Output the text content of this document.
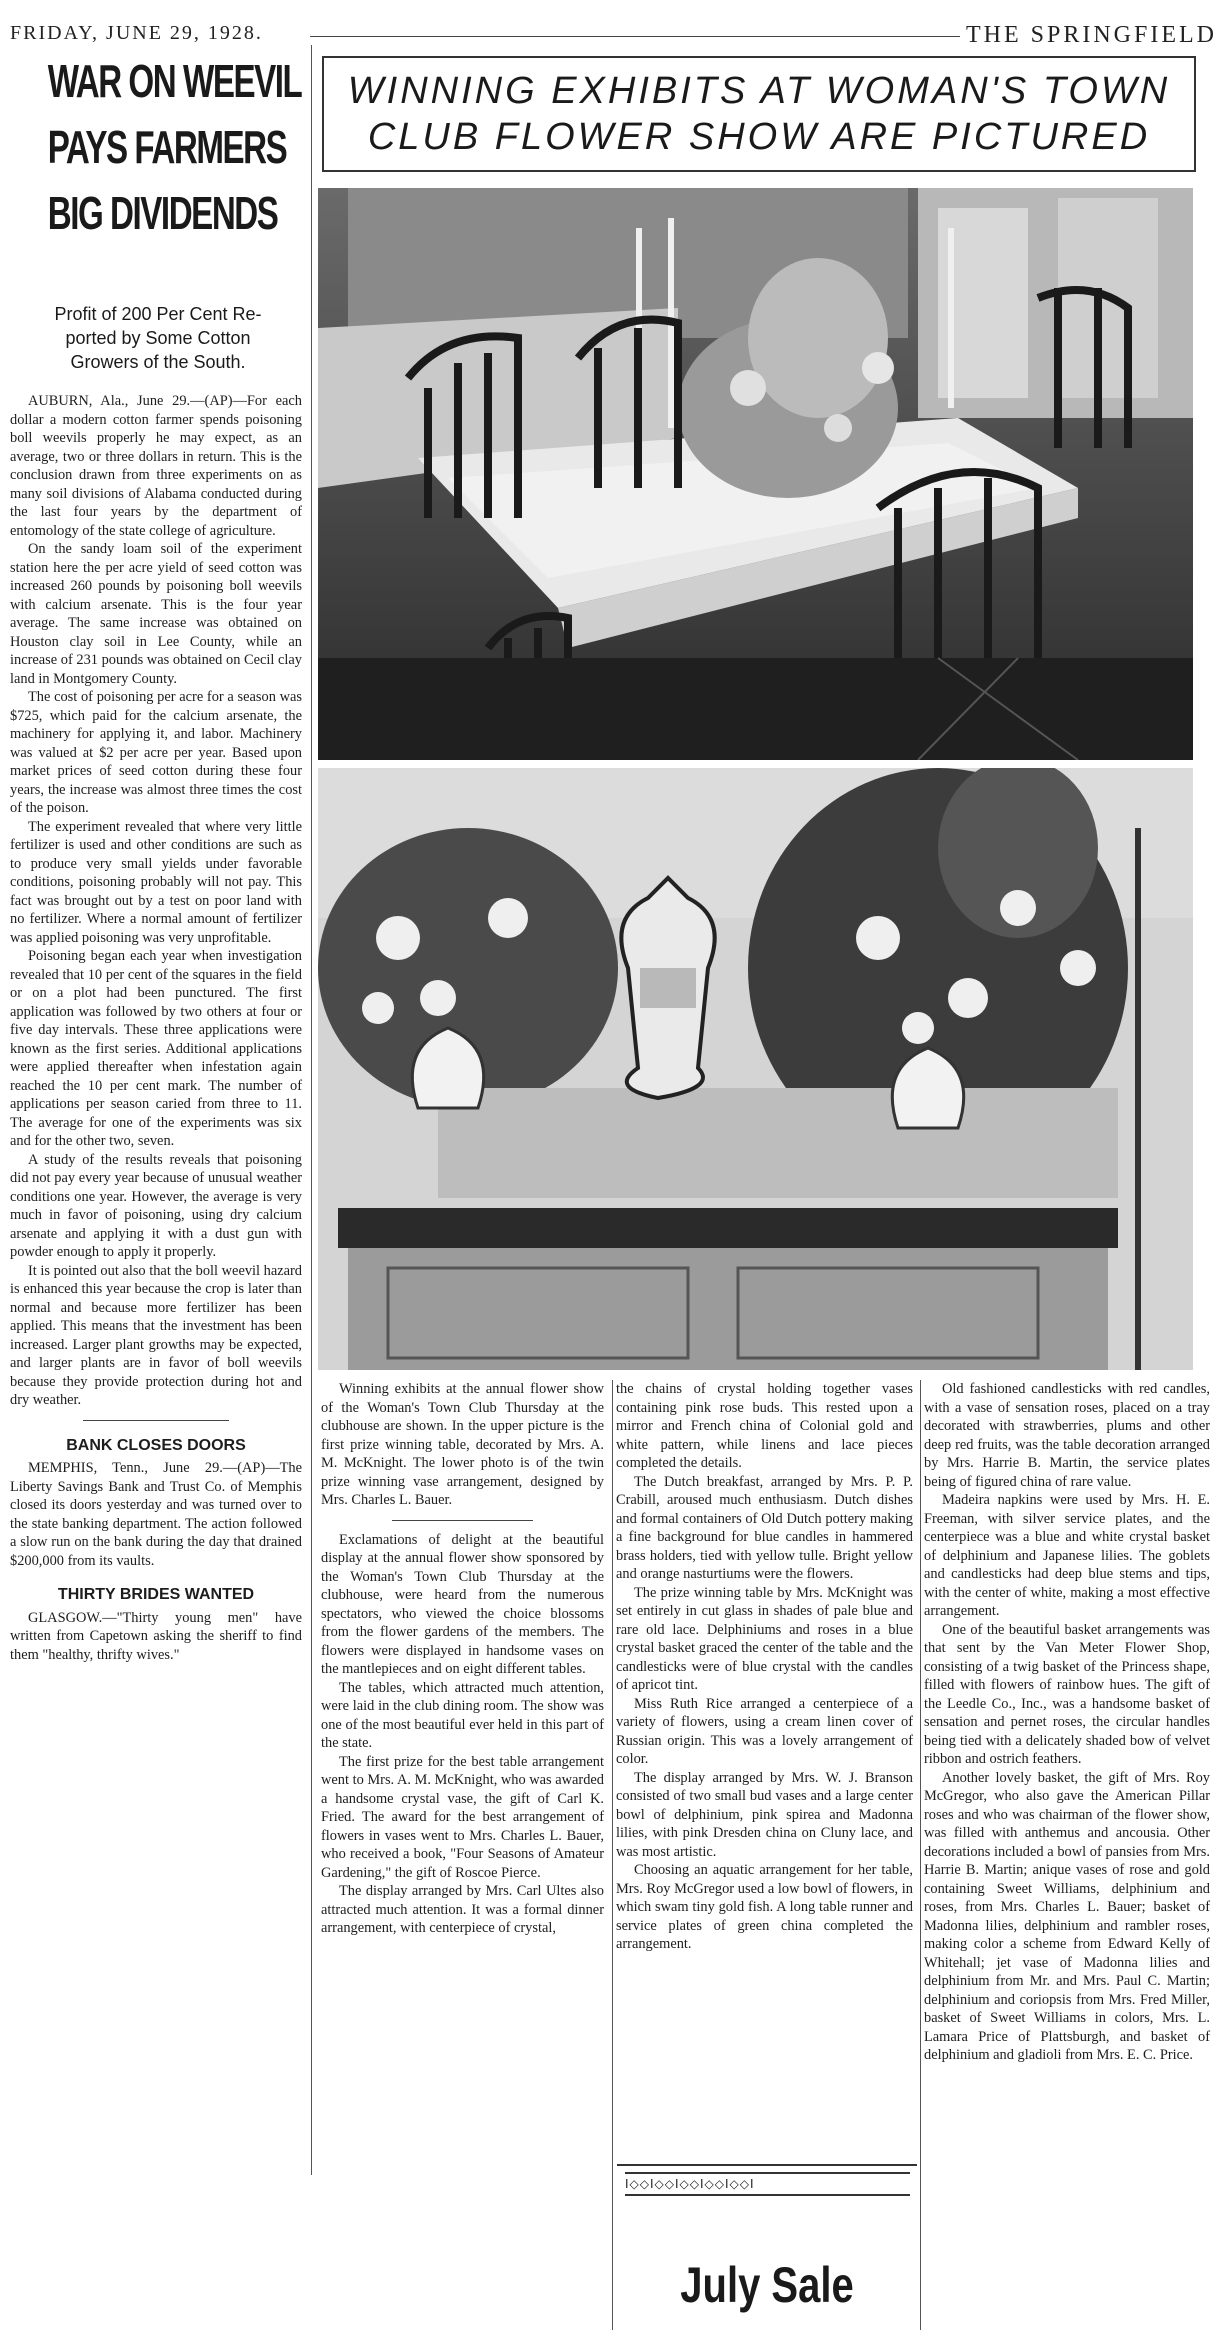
FRIDAY, JUNE 29, 1928.	THE SPRINGFIELD
WAR ON WEEVIL
PAYS FARMERS
BIG DIVIDENDS
Profit of 200 Per Cent Re-
ported by Some Cotton
Growers of the South.

AUBURN, Ala., June 29.—(AP)—For each dollar a modern cotton farmer spends poisoning boll weevils properly he may expect, as an average, two or three dollars in return. This is the conclusion drawn from three experiments on as many soil divisions of Alabama conducted during the last four years by the department of entomology of the state college of agriculture.

On the sandy loam soil of the experiment station here the per acre yield of seed cotton was increased 260 pounds by poisoning boll weevils with calcium arsenate. This is the four year average. The same increase was obtained on Houston clay soil in Lee County, while an increase of 231 pounds was obtained on Cecil clay land in Montgomery County.

The cost of poisoning per acre for a season was $725, which paid for the calcium arsenate, the machinery for applying it, and labor. Machinery was valued at $2 per acre per year. Based upon market prices of seed cotton during these four years, the increase was almost three times the cost of the poison.

The experiment revealed that where very little fertilizer is used and other conditions are such as to produce very small yields under favorable conditions, poisoning probably will not pay. This fact was brought out by a test on poor land with no fertilizer. Where a normal amount of fertilizer was applied poisoning was very unprofitable.

Poisoning began each year when investigation revealed that 10 per cent of the squares in the field or on a plot had been punctured. The first application was followed by two others at four or five day intervals. These three applications were known as the first series. Additional applications were applied thereafter when infestation again reached the 10 per cent mark. The number of applications per season caried from three to 11. The average for one of the experiments was six and for the other two, seven.

A study of the results reveals that poisoning did not pay every year because of unusual weather conditions one year. However, the average is very much in favor of poisoning, using dry calcium arsenate and applying it with a dust gun with powder enough to apply it properly.

It is pointed out also that the boll weevil hazard is enhanced this year because the crop is later than normal and because more fertilizer has been applied. This means that the investment has been increased. Larger plant growths may be expected, and larger plants are in favor of boll weevils because they provide protection during hot and dry weather.

BANK CLOSES DOORS

MEMPHIS, Tenn., June 29.—(AP)—The Liberty Savings Bank and Trust Co. of Memphis closed its doors yesterday and was turned over to the state banking department. The action followed a slow run on the bank during the day that drained $200,000 from its vaults.

THIRTY BRIDES WANTED

GLASGOW.—"Thirty young men" have written from Capetown asking the sheriff to find them "healthy, thrifty wives."

WINNING EXHIBITS AT WOMAN'S TOWN
CLUB FLOWER SHOW ARE PICTURED

Winning exhibits at the annual flower show of the Woman's Town Club Thursday at the clubhouse are shown. In the upper picture is the first prize winning table, decorated by Mrs. A. M. McKnight. The lower photo is of the twin prize winning vase arrangement, designed by Mrs. Charles L. Bauer.

Exclamations of delight at the beautiful display at the annual flower show sponsored by the Woman's Town Club Thursday at the clubhouse, were heard from the numerous spectators, who viewed the choice blossoms from the flower gardens of the members. The flowers were displayed in handsome vases on the mantlepieces and on eight different tables.

The tables, which attracted much attention, were laid in the club dining room. The show was one of the most beautiful ever held in this part of the state.

The first prize for the best table arrangement went to Mrs. A. M. McKnight, who was awarded a handsome crystal vase, the gift of Carl K. Fried. The award for the best arrangement of flowers in vases went to Mrs. Charles L. Bauer, who received a book, "Four Seasons of Amateur Gardening," the gift of Roscoe Pierce.

The display arranged by Mrs. Carl Ultes also attracted much attention. It was a formal dinner arrangement, with centerpiece of crystal,

the chains of crystal holding together vases containing pink rose buds. This rested upon a mirror and French china of Colonial gold and white pattern, while linens and lace pieces completed the details.

The Dutch breakfast, arranged by Mrs. P. P. Crabill, aroused much enthusiasm. Dutch dishes and formal containers of Old Dutch pottery making a fine background for blue candles in hammered brass holders, tied with yellow tulle. Bright yellow and orange nasturtiums were the flowers.

The prize winning table by Mrs. McKnight was set entirely in cut glass in shades of pale blue and rare old lace. Delphiniums and roses in a blue crystal basket graced the center of the table and the candlesticks were of blue crystal with the candles of apricot tint.

Miss Ruth Rice arranged a centerpiece of a variety of flowers, using a cream linen cover of Russian origin. This was a lovely arrangement of color.

The display arranged by Mrs. W. J. Branson consisted of two small bud vases and a large center bowl of delphinium, pink spirea and Madonna lilies, with pink Dresden china on Cluny lace, and was most artistic.

Choosing an aquatic arrangement for her table, Mrs. Roy McGregor used a low bowl of flowers, in which swam tiny gold fish. A long table runner and service plates of green china completed the arrangement.

Old fashioned candlesticks with red candles, with a vase of sensation roses, placed on a tray decorated with strawberries, plums and other deep red fruits, was the table decoration arranged by Mrs. Harrie B. Martin, the service plates being of figured china of rare value.

Madeira napkins were used by Mrs. H. E. Freeman, with silver service plates, and the centerpiece was a blue and white crystal basket of delphinium and Japanese lilies. The goblets and candlesticks had deep blue stems and tips, with the center of white, making a most effective arrangement.

One of the beautiful basket arrangements was that sent by the Van Meter Flower Shop, consisting of a twig basket of the Princess shape, filled with flowers of rainbow hues. The gift of the Leedle Co., Inc., was a handsome basket of sensation and pernet roses, the circular handles being tied with a delicately shaded bow of velvet ribbon and ostrich feathers.

Another lovely basket, the gift of Mrs. Roy McGregor, who also gave the American Pillar roses and who was chairman of the flower show, was filled with anthemus and ancousia. Other decorations included a bowl of pansies from Mrs. Harrie B. Martin; anique vases of rose and gold containing Sweet Williams, delphinium and roses, from Mrs. Charles L. Bauer; basket of Madonna lilies, delphinium and rambler roses, making color a scheme from Edward Kelly of Whitehall; jet vase of Madonna lilies and delphinium from Mr. and Mrs. Paul C. Martin; delphinium and coriopsis from Mrs. Fred Miller, basket of Sweet Williams in colors, Mrs. L. Lamara Price of Plattsburgh, and basket of delphinium and gladioli from Mrs. E. C. Price.

I◇◇I◇◇I◇◇I◇◇I◇◇I
July Sale
